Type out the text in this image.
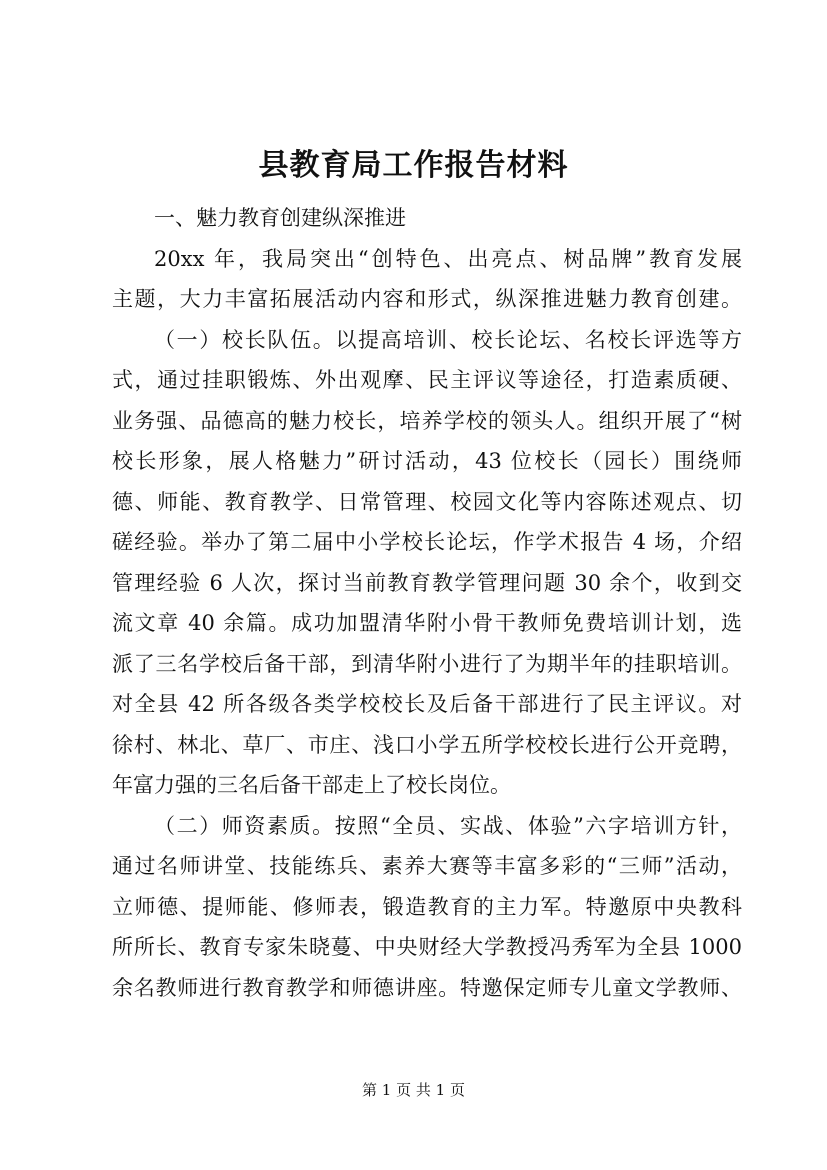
县教育局工作报告材料
一、魅力教育创建纵深推进
20xx 年，我局突出“创特色、出亮点、树品牌”教育发展
主题，大力丰富拓展活动内容和形式，纵深推进魅力教育创建。
（一）校长队伍。以提高培训、校长论坛、名校长评选等方
式，通过挂职锻炼、外出观摩、民主评议等途径，打造素质硬、
业务强、品德高的魅力校长，培养学校的领头人。组织开展了“树
校长形象，展人格魅力”研讨活动，43 位校长（园长）围绕师
德、师能、教育教学、日常管理、校园文化等内容陈述观点、切
磋经验。举办了第二届中小学校长论坛，作学术报告 4 场，介绍
管理经验 6 人次，探讨当前教育教学管理问题 30 余个，收到交
流文章 40 余篇。成功加盟清华附小骨干教师免费培训计划，选
派了三名学校后备干部，到清华附小进行了为期半年的挂职培训。
对全县 42 所各级各类学校校长及后备干部进行了民主评议。对
徐村、林北、草厂、市庄、浅口小学五所学校校长进行公开竞聘，
年富力强的三名后备干部走上了校长岗位。
（二）师资素质。按照“全员、实战、体验”六字培训方针，
通过名师讲堂、技能练兵、素养大赛等丰富多彩的“三师”活动，
立师德、提师能、修师表，锻造教育的主力军。特邀原中央教科
所所长、教育专家朱晓蔓、中央财经大学教授冯秀军为全县 1000
余名教师进行教育教学和师德讲座。特邀保定师专儿童文学教师、
第 1 页 共 1 页
